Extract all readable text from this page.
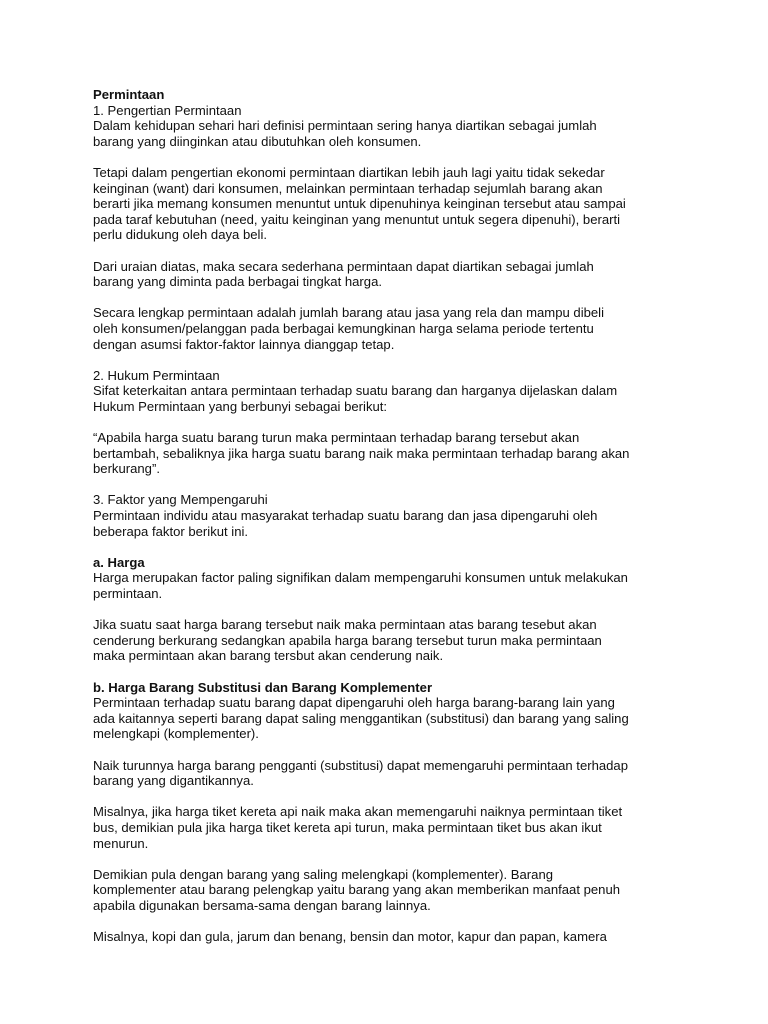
Permintaan
1. Pengertian Permintaan
Dalam kehidupan sehari hari definisi permintaan sering hanya diartikan sebagai jumlah
barang yang diinginkan atau dibutuhkan oleh konsumen.
Tetapi dalam pengertian ekonomi permintaan diartikan lebih jauh lagi yaitu tidak sekedar
keinginan (want) dari konsumen, melainkan permintaan terhadap sejumlah barang akan
berarti jika memang konsumen menuntut untuk dipenuhinya keinginan tersebut atau sampai
pada taraf kebutuhan (need, yaitu keinginan yang menuntut untuk segera dipenuhi), berarti
perlu didukung oleh daya beli.
Dari uraian diatas, maka secara sederhana permintaan dapat diartikan sebagai jumlah
barang yang diminta pada berbagai tingkat harga.
Secara lengkap permintaan adalah jumlah barang atau jasa yang rela dan mampu dibeli
oleh konsumen/pelanggan pada berbagai kemungkinan harga selama periode tertentu
dengan asumsi faktor-faktor lainnya dianggap tetap.
2. Hukum Permintaan
Sifat keterkaitan antara permintaan terhadap suatu barang dan harganya dijelaskan dalam
Hukum Permintaan yang berbunyi sebagai berikut:
“Apabila harga suatu barang turun maka permintaan terhadap barang tersebut akan
bertambah, sebaliknya jika harga suatu barang naik maka permintaan terhadap barang akan
berkurang”.
3. Faktor yang Mempengaruhi
Permintaan individu atau masyarakat terhadap suatu barang dan jasa dipengaruhi oleh
beberapa faktor berikut ini.
a. Harga
Harga merupakan factor paling signifikan dalam mempengaruhi konsumen untuk melakukan
permintaan.
Jika suatu saat harga barang tersebut naik maka permintaan atas barang tesebut akan
cenderung berkurang sedangkan apabila harga barang tersebut turun maka permintaan
maka permintaan akan barang tersbut akan cenderung naik.
b. Harga Barang Substitusi dan Barang Komplementer
Permintaan terhadap suatu barang dapat dipengaruhi oleh harga barang-barang lain yang
ada kaitannya seperti barang dapat saling menggantikan (substitusi) dan barang yang saling
melengkapi (komplementer).
Naik turunnya harga barang pengganti (substitusi) dapat memengaruhi permintaan terhadap
barang yang digantikannya.
Misalnya, jika harga tiket kereta api naik maka akan memengaruhi naiknya permintaan tiket
bus, demikian pula jika harga tiket kereta api turun, maka permintaan tiket bus akan ikut
menurun.
Demikian pula dengan barang yang saling melengkapi (komplementer). Barang
komplementer atau barang pelengkap yaitu barang yang akan memberikan manfaat penuh
apabila digunakan bersama-sama dengan barang lainnya.
Misalnya, kopi dan gula, jarum dan benang, bensin dan motor, kapur dan papan, kamera
